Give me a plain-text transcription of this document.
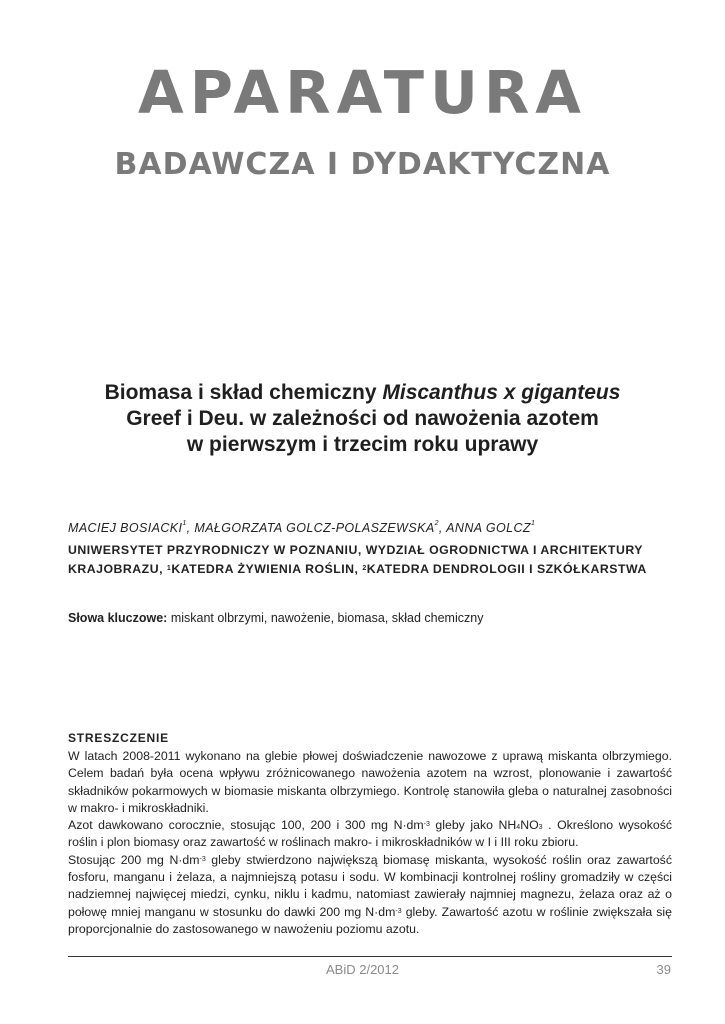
APARATURA
BADAWCZA I DYDAKTYCZNA
Biomasa i skład chemiczny Miscanthus x giganteus
Greef i Deu. w zależności od nawożenia azotem
w pierwszym i trzecim roku uprawy
MACIEJ BOSIACKI$^1$, MAŁGORZATA GOLCZ-POLASZEWSKA$^2$, ANNA GOLCZ$^1$
UNIWERSYTET PRZYRODNICZY W POZNANIU, WYDZIAŁ OGRODNICTWA I ARCHITEKTURY
KRAJOBRAZU, $^1$KATEDRA ŻYWIENIA ROŚLIN, $^2$KATEDRA DENDROLOGII I SZKÓŁKARSTWA
Słowa kluczowe: miskant olbrzymi, nawożenie, biomasa, skład chemiczny
STRESZCZENIE

W latach 2008-2011 wykonano na glebie płowej doświadczenie nawozowe z uprawą miskanta olbrzymiego. Celem badań była ocena wpływu zróżnicowanego nawożenia azotem na wzrost, plonowanie i zawartość składników pokarmowych w biomasie miskanta olbrzymiego. Kontrolę stanowiła gleba o naturalnej zasobności w makro- i mikroskładniki.

Azot dawkowano corocznie, stosując 100, 200 i 300 mg $N\cdot dm^{-3}$ gleby jako $NH_4NO_3$ . Określono wysokość roślin i plon biomasy oraz zawartość w roślinach makro- i mikroskładników w I i III roku zbioru.

Stosując 200 mg $N\cdot dm^{-3}$ gleby stwierdzono największą biomasę miskanta, wysokość roślin oraz zawartość fosforu, manganu i żelaza, a najmniejszą potasu i sodu. W kombinacji kontrolnej rośliny gromadziły w części nadziemnej najwięcej miedzi, cynku, niklu i kadmu, natomiast zawierały najmniej magnezu, żelaza oraz aż o połowę mniej manganu w stosunku do dawki 200 mg $N\cdot dm^{-3}$ gleby. Zawartość azotu w roślinie zwiększała się proporcjonalnie do zastosowanego w nawożeniu poziomu azotu.

ABiD 2/2012	39
